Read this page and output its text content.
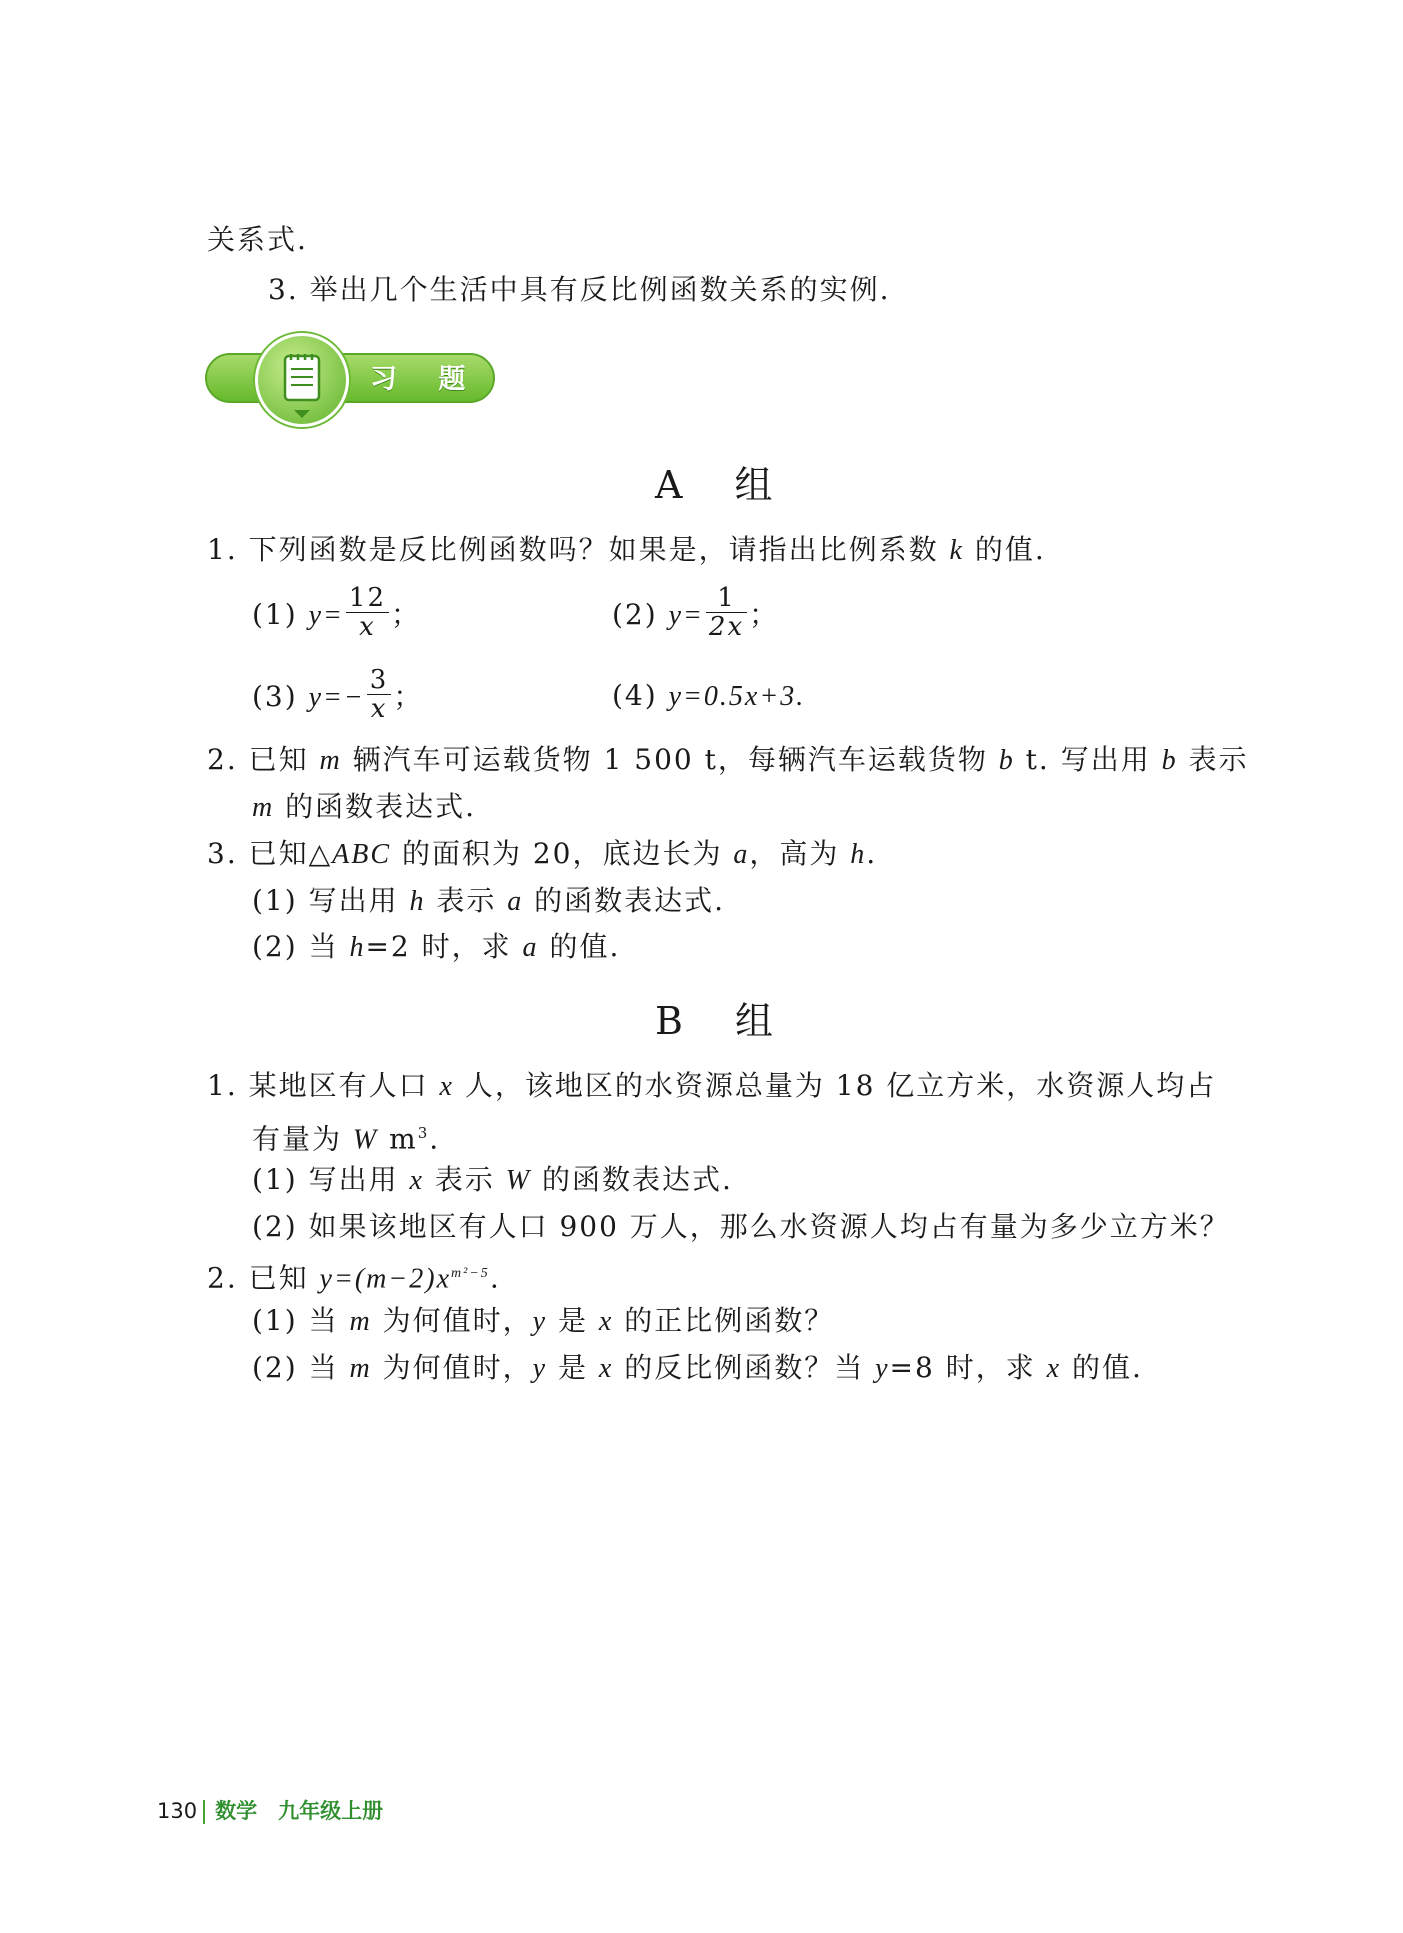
关系式.
3. 举出几个生活中具有反比例函数关系的实例.
习 题
A 组
1. 下列函数是反比例函数吗？如果是，请指出比例系数 k 的值.
(1) $y= \frac{12}{x}$ ；	(2) $y= \frac{1}{2x}$ ；
(3) $y=- \frac{3}{x}$ ；	(4) y=0.5x+3.
2. 已知 m 辆汽车可运载货物 1 500 t，每辆汽车运载货物 b t. 写出用 b 表示
m 的函数表达式.
3. 已知△ABC 的面积为 20，底边长为 a，高为 h.
(1) 写出用 h 表示 a 的函数表达式.
(2) 当 h=2 时，求 a 的值.
B 组
1. 某地区有人口 x 人，该地区的水资源总量为 18 亿立方米，水资源人均占
有量为 W $m^3$.
(1) 写出用 x 表示 W 的函数表达式.
(2) 如果该地区有人口 900 万人，那么水资源人均占有量为多少立方米？
2. 已知 $y=(m-2)x^{m^2-5}$.
(1) 当 m 为何值时，y 是 x 的正比例函数？
(2) 当 m 为何值时，y 是 x 的反比例函数？当 y=8 时，求 x 的值.
130 数学　九年级上册
